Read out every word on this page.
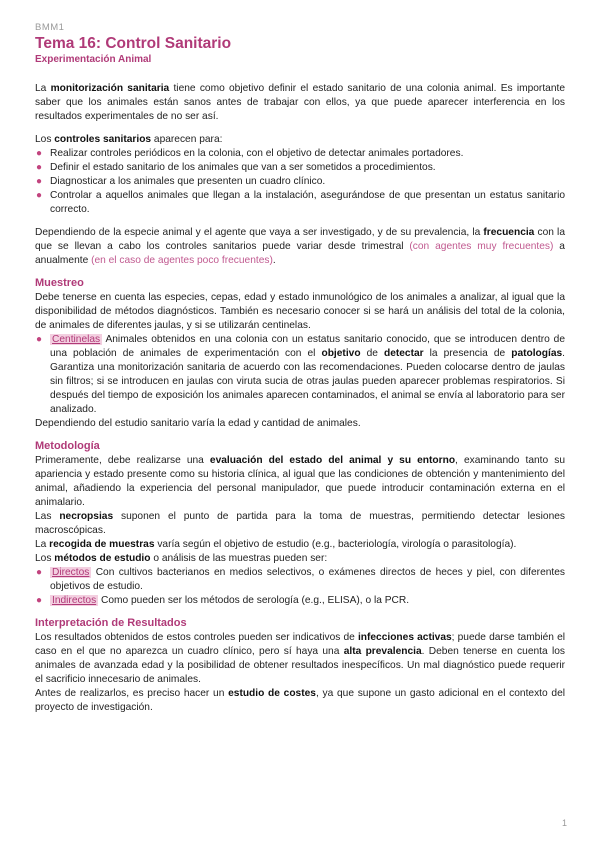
BMM1
Tema 16: Control Sanitario
Experimentación Animal

La monitorización sanitaria tiene como objetivo definir el estado sanitario de una colonia animal. Es importante saber que los animales están sanos antes de trabajar con ellos, ya que puede aparecer interferencia en los resultados experimentales de no ser así.

Los controles sanitarios aparecen para:

● Realizar controles periódicos en la colonia, con el objetivo de detectar animales portadores.
● Definir el estado sanitario de los animales que van a ser sometidos a procedimientos.
● Diagnosticar a los animales que presenten un cuadro clínico.
● Controlar a aquellos animales que llegan a la instalación, asegurándose de que presentan un estatus sanitario correcto.

Dependiendo de la especie animal y el agente que vaya a ser investigado, y de su prevalencia, la frecuencia con la que se llevan a cabo los controles sanitarios puede variar desde trimestral (con agentes muy frecuentes) a anualmente (en el caso de agentes poco frecuentes).

Muestreo

Debe tenerse en cuenta las especies, cepas, edad y estado inmunológico de los animales a analizar, al igual que la disponibilidad de métodos diagnósticos. También es necesario conocer si se hará un análisis del total de la colonia, de animales de diferentes jaulas, y si se utilizarán centinelas.

● Centinelas Animales obtenidos en una colonia con un estatus sanitario conocido, que se introducen dentro de una población de animales de experimentación con el objetivo de detectar la presencia de patologías. Garantiza una monitorización sanitaria de acuerdo con las recomendaciones. Pueden colocarse dentro de jaulas sin filtros; si se introducen en jaulas con viruta sucia de otras jaulas pueden aparecer problemas respiratorios. Si después del tiempo de exposición los animales aparecen contaminados, el animal se envía al laboratorio para ser analizado.

Dependiendo del estudio sanitario varía la edad y cantidad de animales.

Metodología

Primeramente, debe realizarse una evaluación del estado del animal y su entorno, examinando tanto su apariencia y estado presente como su historia clínica, al igual que las condiciones de obtención y mantenimiento del animal, añadiendo la experiencia del personal manipulador, que puede introducir contaminación externa en el animalario.

Las necropsias suponen el punto de partida para la toma de muestras, permitiendo detectar lesiones macroscópicas.

La recogida de muestras varía según el objetivo de estudio (e.g., bacteriología, virología o parasitología).

Los métodos de estudio o análisis de las muestras pueden ser:

● Directos Con cultivos bacterianos en medios selectivos, o exámenes directos de heces y piel, con diferentes objetivos de estudio.
● Indirectos Como pueden ser los métodos de serología (e.g., ELISA), o la PCR.
Interpretación de Resultados

Los resultados obtenidos de estos controles pueden ser indicativos de infecciones activas; puede darse también el caso en el que no aparezca un cuadro clínico, pero sí haya una alta prevalencia. Deben tenerse en cuenta los animales de avanzada edad y la posibilidad de obtener resultados inespecíficos. Un mal diagnóstico puede requerir el sacrificio innecesario de animales.

Antes de realizarlos, es preciso hacer un estudio de costes, ya que supone un gasto adicional en el contexto del proyecto de investigación.

1
